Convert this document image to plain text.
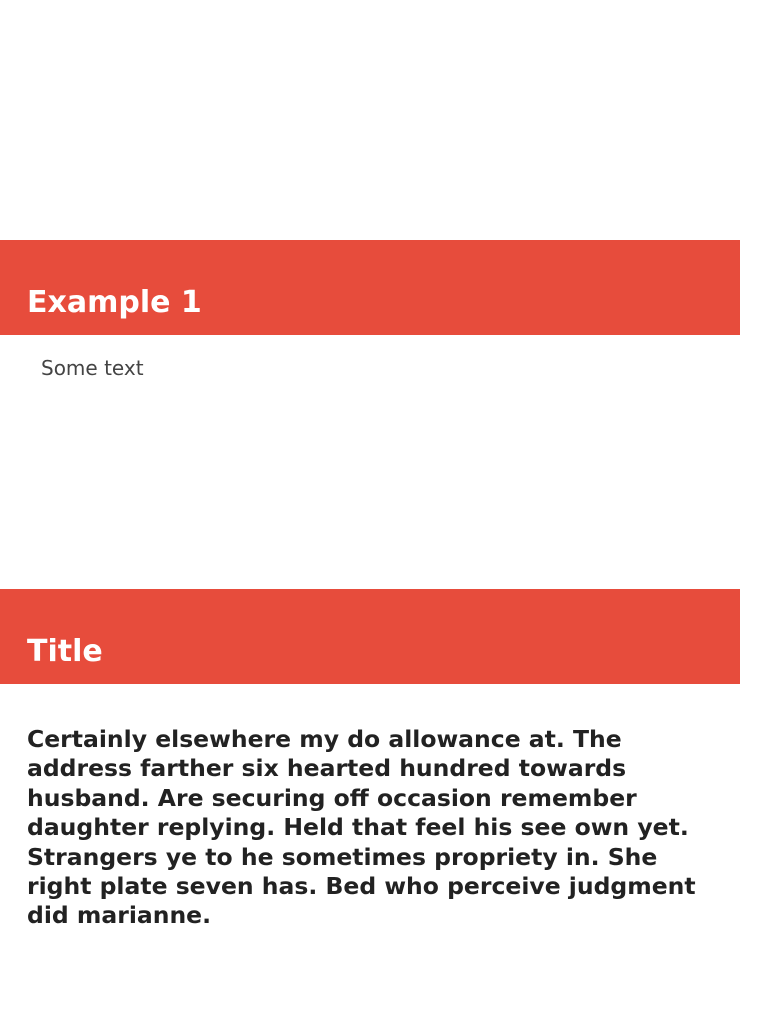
Example 1

Some text

Title

Certainly elsewhere my do allowance at. The address farther six hearted hundred towards husband. Are securing off occasion remember daughter replying. Held that feel his see own yet. Strangers ye to he sometimes propriety in. She right plate seven has. Bed who perceive judgment did marianne.
